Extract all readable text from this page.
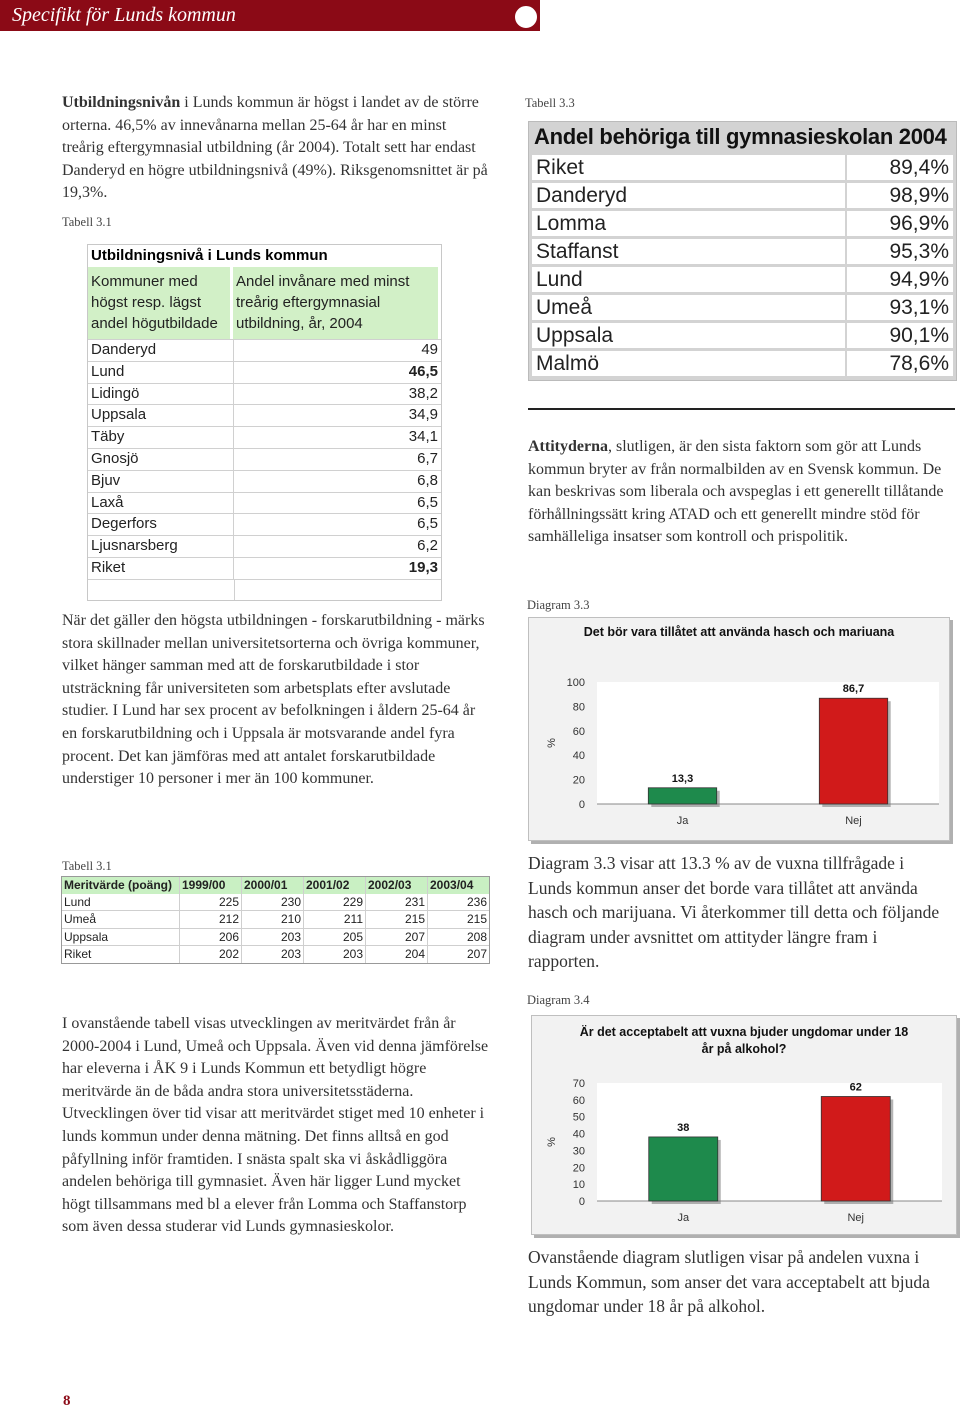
Specifikt för Lunds kommun
Utbildningsnivån i Lunds kommun är högst i landet av de större orterna. 46,5% av innevånarna mellan 25-64 år har en minst treårig eftergymnasial utbildning (år 2004). Totalt sett har endast Danderyd en högre utbildningsnivå (49%). Riksgenomsnittet är på 19,3%.
Tabell 3.1
Utbildningsnivå i Lunds kommun
Kommuner med högst resp. lägst andel högutbildade
Andel invånare med minst treårig eftergymnasial utbildning, år, 2004
Danderyd	49
Lund	46,5
Lidingö	38,2
Uppsala	34,9
Täby	34,1
Gnosjö	6,7
Bjuv	6,8
Laxå	6,5
Degerfors	6,5
Ljusnarsberg	6,2
Riket	19,3
När det gäller den högsta utbildningen - forskarutbildning - märks stora skillnader mellan universitetsorterna och övriga kommuner, vilket hänger samman med att de forskarutbildade i stor utsträckning får universiteten som arbetsplats efter avslutade studier. I Lund har sex procent av befolkningen i åldern 25-64 år en forskarutbildning och i Uppsala är motsvarande andel fyra procent. Det kan jämföras med att antalet forskarutbildade understiger 10 personer i mer än 100 kommuner.
Tabell 3.1
Meritvärde (poäng) 1999/00	2000/01	2001/02	2002/03	2003/04
Lund	225	230	229	231	236
Umeå	212	210	211	215	215
Uppsala	206	203	205	207	208
Riket	202	203	203	204	207
I ovanstående tabell visas utvecklingen av meritvärdet från år 2000-2004 i Lund, Umeå och Uppsala. Även vid denna jämförelse har eleverna i ÅK 9 i Lunds Kommun ett betydligt högre meritvärde än de båda andra stora universitetsstäderna. Utvecklingen över tid visar att meritvärdet stiget med 10 enheter i lunds kommun under denna mätning. Det finns alltså en god påfyllning inför framtiden. I snästa spalt ska vi åskådliggöra andelen behöriga till gymnasiet. Även här ligger Lund mycket högt tillsammans med bl a elever från Lomma och Staffanstorp som även dessa studerar vid Lunds gymnasieskolor.
Tabell 3.3
Andel behöriga till gymnasieskolan 2004
Riket	89,4%
Danderyd	98,9%
Lomma	96,9%
Staffanst	95,3%
Lund	94,9%
Umeå	93,1%
Uppsala	90,1%
Malmö	78,6%
Attityderna, slutligen, är den sista faktorn som gör att Lunds kommun bryter av från normalbilden av en Svensk kommun. De kan beskrivas som liberala och avspeglas i ett generellt tillåtande förhållningssätt kring ATAD och ett generellt mindre stöd för samhälleliga insatser som kontroll och prispolitik.
Diagram 3.3
Det bör vara tillåtet att använda hasch och mariuana
0
20
40
60
80
100
%
13,3
Ja
86,7
Nej
Diagram 3.3 visar att 13.3 % av de vuxna tillfrågade i Lunds kommun anser det borde vara tillåtet att använda hasch och marijuana. Vi återkommer till detta och följande diagram under avsnittet om attityder längre fram i rapporten.
Diagram 3.4
0
10
20
30
40
50
60
70
%
38
Ja
62
Nej
Är det acceptabelt att vuxna bjuder ungdomar under 18 år på alkohol?
Ovanstående diagram slutligen visar på andelen vuxna i Lunds Kommun, som anser det vara acceptabelt att bjuda ungdomar under 18 år på alkohol.
8
